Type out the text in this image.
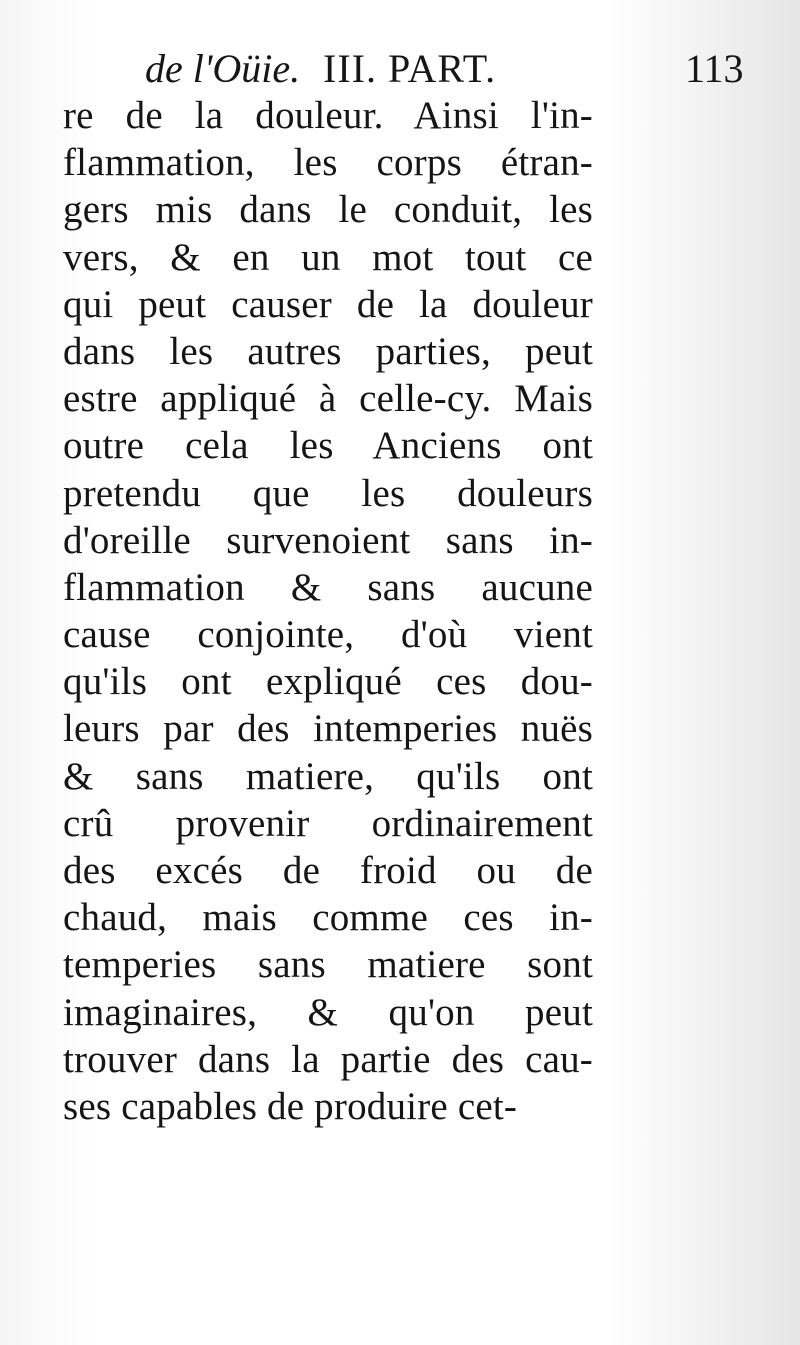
de l'Oüie. III. PART.	113
re de la douleur. Ainsi l'in-
flammation, les corps étran-
gers mis dans le conduit, les
vers, & en un mot tout ce
qui peut causer de la douleur
dans les autres parties, peut
estre appliqué à celle-cy. Mais
outre cela les Anciens ont
pretendu que les douleurs
d'oreille survenoient sans in-
flammation & sans aucune
cause conjointe, d'où vient
qu'ils ont expliqué ces dou-
leurs par des intemperies nuës
& sans matiere, qu'ils ont
crû provenir ordinairement
des excés de froid ou de
chaud, mais comme ces in-
temperies sans matiere sont
imaginaires, & qu'on peut
trouver dans la partie des cau-
ses capables de produire cet-
